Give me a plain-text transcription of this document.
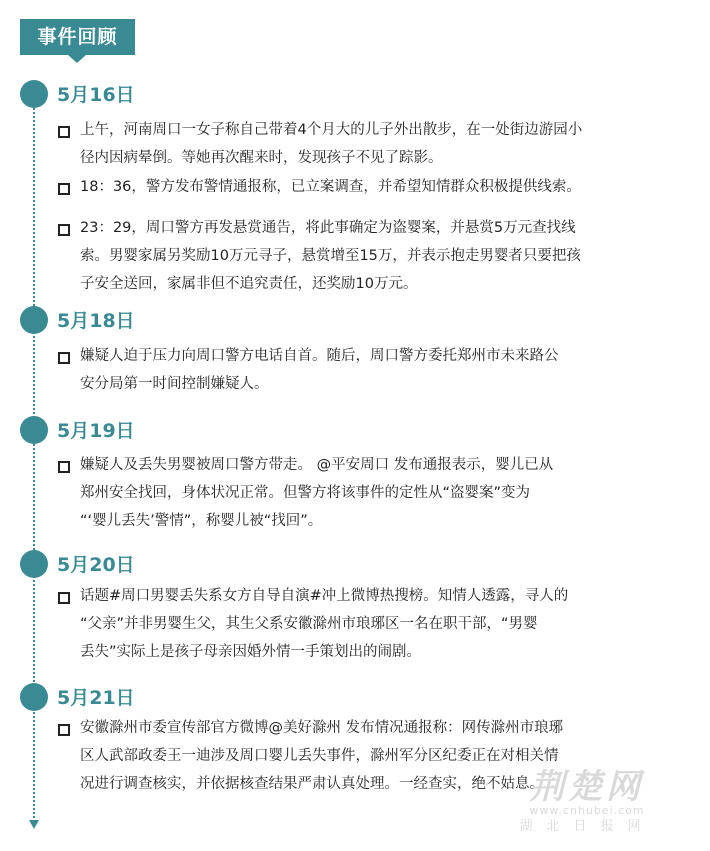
事件回顾
5月16日
上午，河南周口一女子称自己带着4个月大的儿子外出散步，在一处街边游园小
径内因病晕倒。等她再次醒来时，发现孩子不见了踪影。
18：36，警方发布警情通报称，已立案调查，并希望知情群众积极提供线索。
23：29，周口警方再发悬赏通告，将此事确定为盗婴案，并悬赏5万元查找线
索。男婴家属另奖励10万元寻子，悬赏增至15万，并表示抱走男婴者只要把孩
子安全送回，家属非但不追究责任，还奖励10万元。
5月18日
嫌疑人迫于压力向周口警方电话自首。随后，周口警方委托郑州市未来路公
安分局第一时间控制嫌疑人。
5月19日
嫌疑人及丢失男婴被周口警方带走。 @平安周口 发布通报表示，婴儿已从
郑州安全找回，身体状况正常。但警方将该事件的定性从“盗婴案”变为
“‘婴儿丢失’警情”，称婴儿被“找回”。
5月20日
话题#周口男婴丢失系女方自导自演#冲上微博热搜榜。知情人透露，寻人的
“父亲”并非男婴生父，其生父系安徽滁州市琅琊区一名在职干部，“男婴
丢失”实际上是孩子母亲因婚外情一手策划出的闹剧。
5月21日
安徽滁州市委宣传部官方微博@美好滁州 发布情况通报称：网传滁州市琅琊
区人武部政委王一迪涉及周口婴儿丢失事件，滁州军分区纪委正在对相关情
况进行调查核实，并依据核查结果严肃认真处理。一经查实，绝不姑息。
荆楚网
www.cnhubei.com
湖北日报网
